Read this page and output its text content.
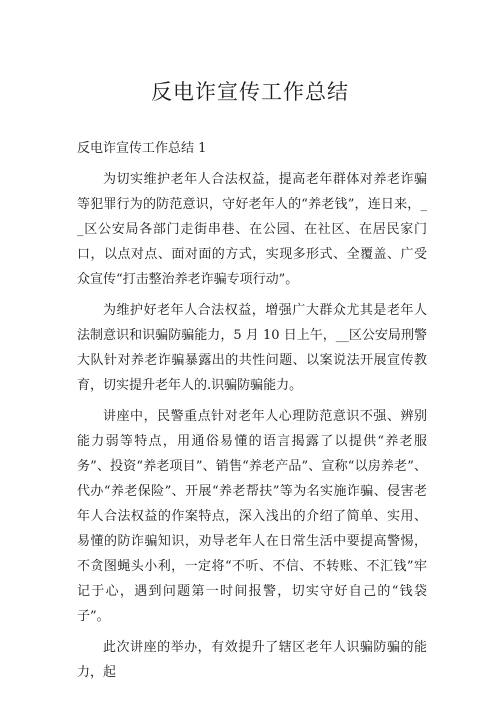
反电诈宣传工作总结

反电诈宣传工作总结 1

为切实维护老年人合法权益，提高老年群体对养老诈骗等犯罪行为的防范意识，守好老年人的“养老钱”，连日来，__区公安局各部门走街串巷、在公园、在社区、在居民家门口，以点对点、面对面的方式，实现多形式、全覆盖、广受众宣传“打击整治养老诈骗专项行动”。

为维护好老年人合法权益，增强广大群众尤其是老年人法制意识和识骗防骗能力，5 月 10 日上午，__区公安局刑警大队针对养老诈骗暴露出的共性问题、以案说法开展宣传教育，切实提升老年人的.识骗防骗能力。

讲座中，民警重点针对老年人心理防范意识不强、辨别能力弱等特点，用通俗易懂的语言揭露了以提供“养老服务”、投资“养老项目”、销售“养老产品”、宣称“以房养老”、代办“养老保险”、开展“养老帮扶”等为名实施诈骗、侵害老年人合法权益的作案特点，深入浅出的介绍了简单、实用、易懂的防诈骗知识，劝导老年人在日常生活中要提高警惕，不贪图蝇头小利，一定将“不听、不信、不转账、不汇钱”牢记于心，遇到问题第一时间报警，切实守好自己的“钱袋子”。

此次讲座的举办，有效提升了辖区老年人识骗防骗的能力，起
